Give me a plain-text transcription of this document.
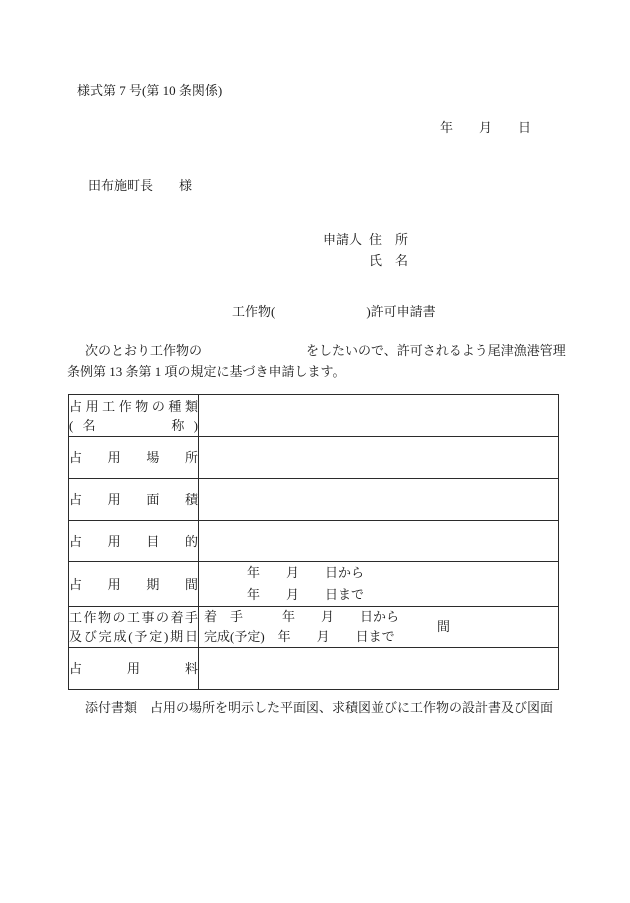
様式第 7 号(第 10 条関係)
年　　月　　日
田布施町長　　様
申請人 住　所
氏　名
工作物(　　　　　　　)許可申請書
次のとおり工作物の　　　　　　　　をしたいので、許可されるよう尾津漁港管理
条例第 13 条第 1 項の規定に基づき申請します。
占用工作物の種類
(名　　　称)	

占　用　場　所	

占　用　面　積	

占　用　目　的	

占　用　期　間	年　　月　　日から
年　　月　　日まで

工作物の工事の着手
及び完成(予定)期日

着　手　　　年　　月　　日から
完成(予定)　年　　月　　日まで
間

占　　用　　料	

添付書類　占用の場所を明示した平面図、求積図並びに工作物の設計書及び図面
